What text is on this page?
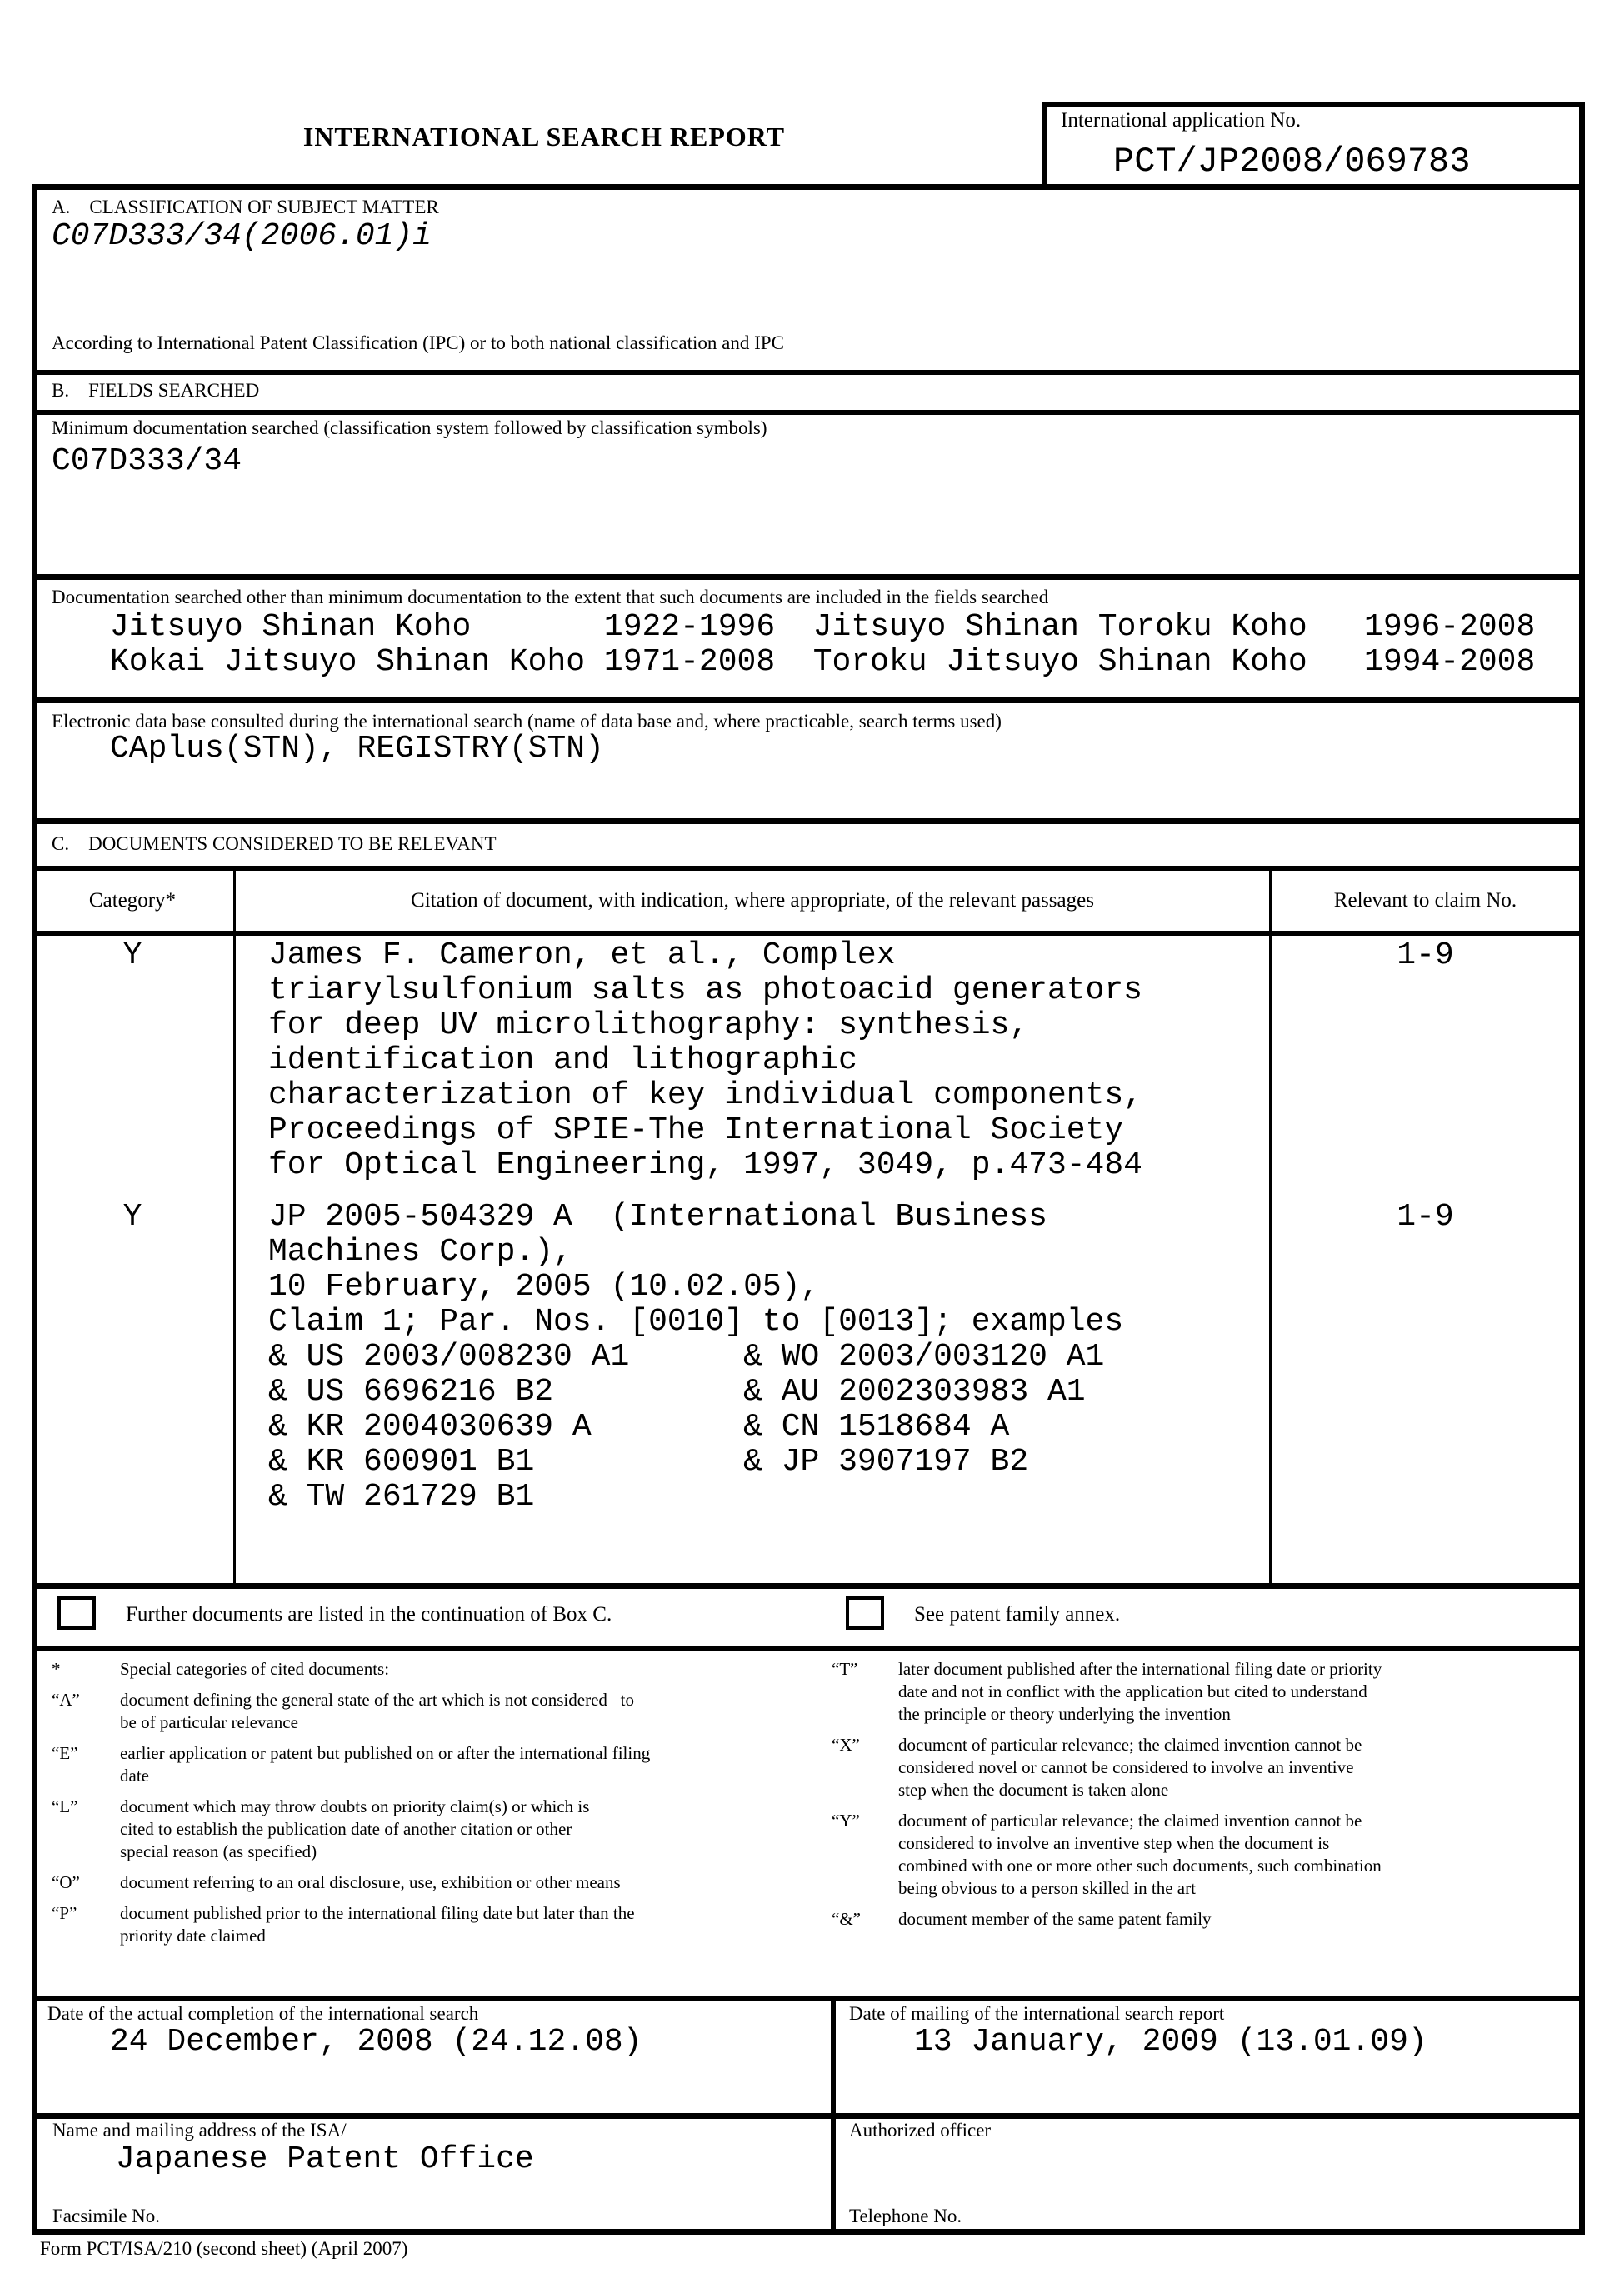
INTERNATIONAL SEARCH REPORT
International application No.
PCT/JP2008/069783
A.    CLASSIFICATION OF SUBJECT MATTER
C07D333/34(2006.01)i
According to International Patent Classification (IPC) or to both national classification and IPC
B.    FIELDS SEARCHED
Minimum documentation searched (classification system followed by classification symbols)
C07D333/34
Documentation searched other than minimum documentation to the extent that such documents are included in the fields searched
Jitsuyo Shinan Koho       1922-1996  Jitsuyo Shinan Toroku Koho   1996-2008
Kokai Jitsuyo Shinan Koho 1971-2008  Toroku Jitsuyo Shinan Koho   1994-2008
Electronic data base consulted during the international search (name of data base and, where practicable, search terms used)
CAplus(STN), REGISTRY(STN)
C.    DOCUMENTS CONSIDERED TO BE RELEVANT
Category*	Citation of document, with indication, where appropriate, of the relevant passages	Relevant to claim No.
Y	James F. Cameron, et al., Complex
triarylsulfonium salts as photoacid generators
for deep UV microlithography: synthesis,
identification and lithographic
characterization of key individual components,
Proceedings of SPIE-The International Society
for Optical Engineering, 1997, 3049, p.473-484
1-9
Y	JP 2005-504329 A  (International Business
Machines Corp.),
10 February, 2005 (10.02.05),
Claim 1; Par. Nos. [0010] to [0013]; examples
& US 2003/008230 A1      & WO 2003/003120 A1
& US 6696216 B2          & AU 2002303983 A1
& KR 2004030639 A        & CN 1518684 A
& KR 600901 B1           & JP 3907197 B2
& TW 261729 B1
1-9
Further documents are listed in the continuation of Box C.	See patent family annex.
*	Special categories of cited documents:
“A”	document defining the general state of the art which is not considered   to
be of particular relevance
“E”	earlier application or patent but published on or after the international filing
date
“L”	document which may throw doubts on priority claim(s) or which is
cited to establish the publication date of another citation or other
special reason (as specified)
“O”	document referring to an oral disclosure, use, exhibition or other means
“P”	document published prior to the international filing date but later than the
priority date claimed
“T”	later document published after the international filing date or priority
date and not in conflict with the application but cited to understand
the principle or theory underlying the invention
“X”	document of particular relevance; the claimed invention cannot be
considered novel or cannot be considered to involve an inventive
step when the document is taken alone
“Y”	document of particular relevance; the claimed invention cannot be
considered to involve an inventive step when the document is
combined with one or more other such documents, such combination
being obvious to a person skilled in the art
“&”	document member of the same patent family
Date of the actual completion of the international search
24 December, 2008 (24.12.08)
Date of mailing of the international search report
13 January, 2009 (13.01.09)
Name and mailing address of the ISA/
Japanese Patent Office
Authorized officer
Facsimile No.	Telephone No.
Form PCT/ISA/210 (second sheet) (April 2007)
